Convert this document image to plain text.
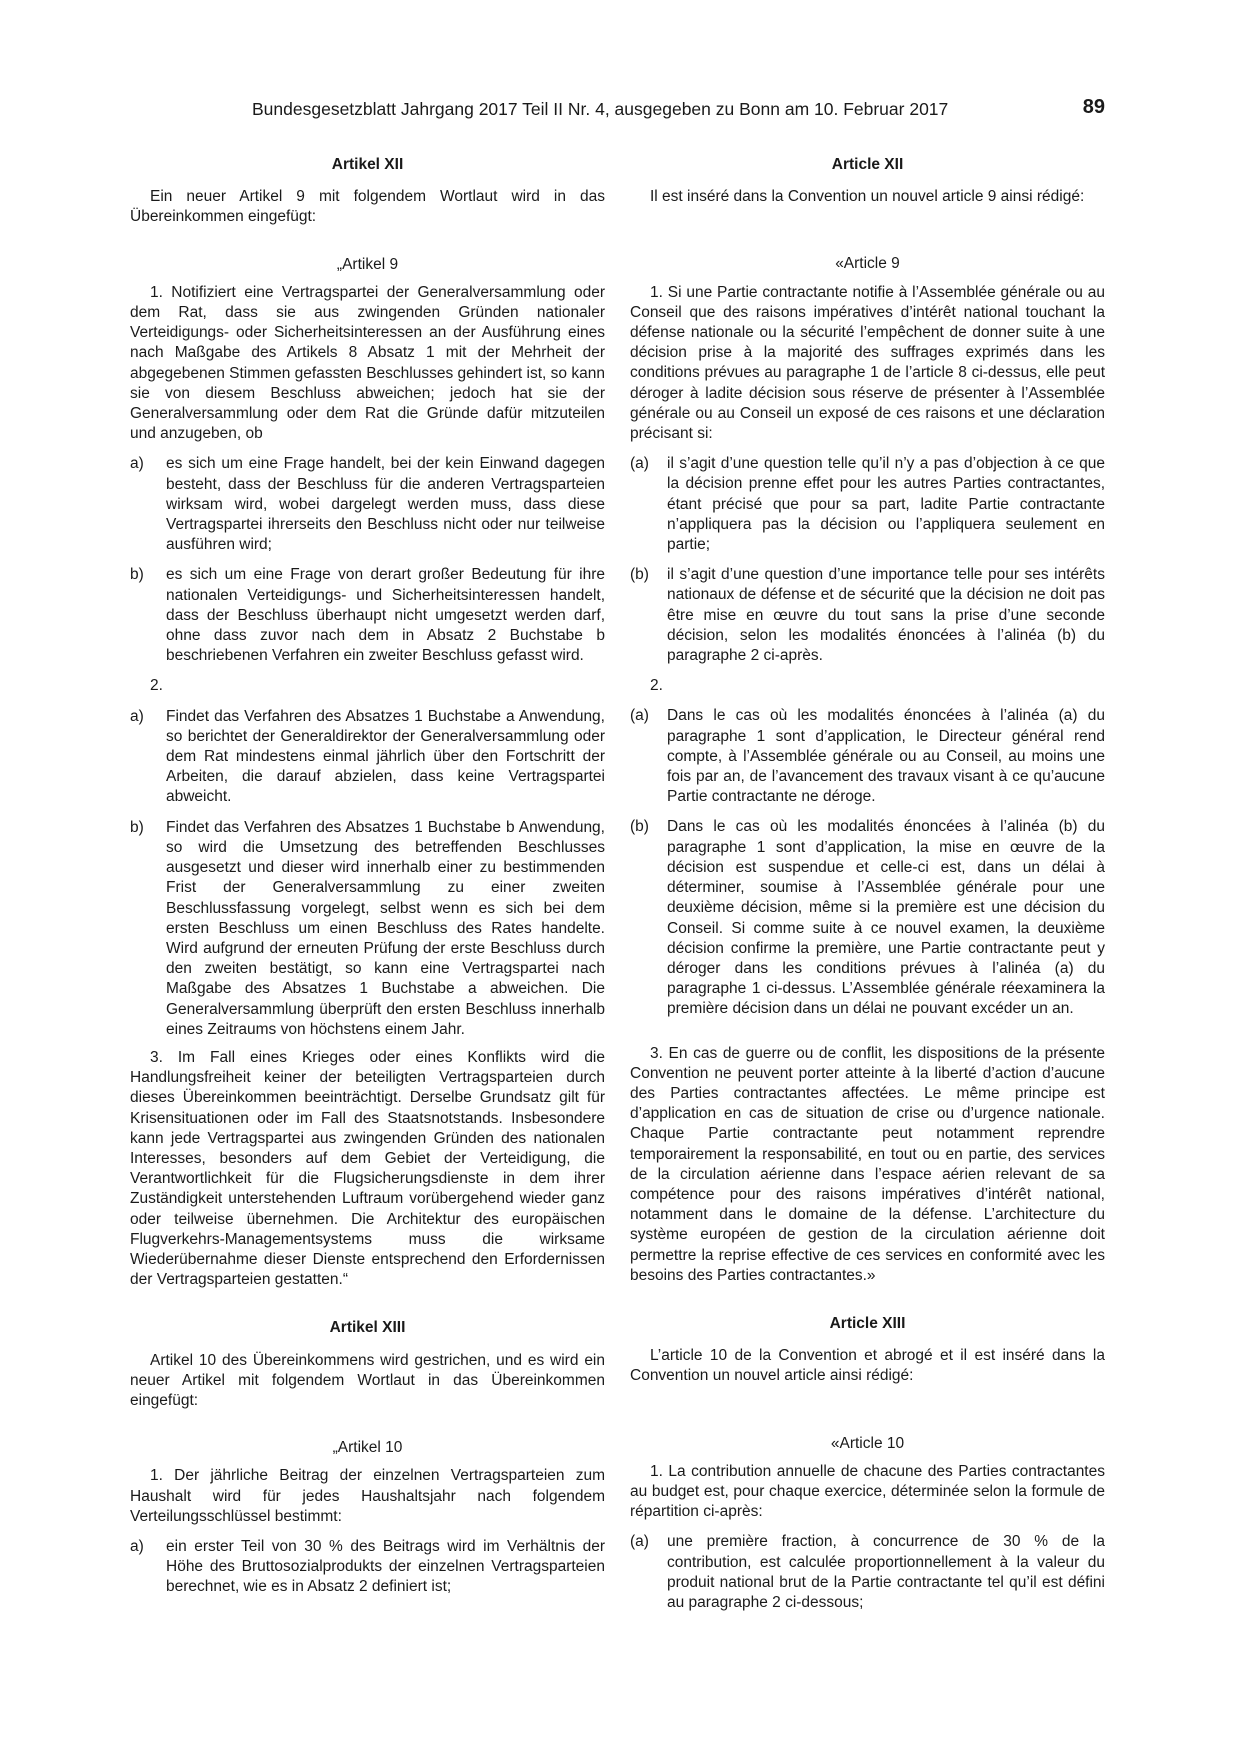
Bundesgesetzblatt Jahrgang 2017 Teil II Nr. 4, ausgegeben zu Bonn am 10. Februar 2017	89

Artikel XII

Ein neuer Artikel 9 mit folgendem Wortlaut wird in das Übereinkommen eingefügt:

„Artikel 9

1. Notifiziert eine Vertragspartei der Generalversammlung oder dem Rat, dass sie aus zwingenden Gründen nationaler Verteidigungs- oder Sicherheitsinteressen an der Ausführung eines nach Maßgabe des Artikels 8 Absatz 1 mit der Mehrheit der abgegebenen Stimmen gefassten Beschlusses gehindert ist, so kann sie von diesem Beschluss abweichen; jedoch hat sie der Generalversammlung oder dem Rat die Gründe dafür mitzuteilen und anzugeben, ob

a)	es sich um eine Frage handelt, bei der kein Einwand dagegen besteht, dass der Beschluss für die anderen Vertragsparteien wirksam wird, wobei dargelegt werden muss, dass diese Vertragspartei ihrerseits den Beschluss nicht oder nur teilweise ausführen wird;
b)	es sich um eine Frage von derart großer Bedeutung für ihre nationalen Verteidigungs- und Sicherheitsinteressen handelt, dass der Beschluss überhaupt nicht umgesetzt werden darf, ohne dass zuvor nach dem in Absatz 2 Buchstabe b beschriebenen Verfahren ein zweiter Beschluss gefasst wird.

2.

a)	Findet das Verfahren des Absatzes 1 Buchstabe a Anwendung, so berichtet der Generaldirektor der Generalversammlung oder dem Rat mindestens einmal jährlich über den Fortschritt der Arbeiten, die darauf abzielen, dass keine Vertragspartei abweicht.
b)	Findet das Verfahren des Absatzes 1 Buchstabe b Anwendung, so wird die Umsetzung des betreffenden Beschlusses ausgesetzt und dieser wird innerhalb einer zu bestimmenden Frist der Generalversammlung zu einer zweiten Beschlussfassung vorgelegt, selbst wenn es sich bei dem ersten Beschluss um einen Beschluss des Rates handelte. Wird aufgrund der erneuten Prüfung der erste Beschluss durch den zweiten bestätigt, so kann eine Vertragspartei nach Maßgabe des Absatzes 1 Buchstabe a abweichen. Die Generalversammlung überprüft den ersten Beschluss innerhalb eines Zeitraums von höchstens einem Jahr.

3. Im Fall eines Krieges oder eines Konflikts wird die Handlungsfreiheit keiner der beteiligten Vertragsparteien durch dieses Übereinkommen beeinträchtigt. Derselbe Grundsatz gilt für Krisensituationen oder im Fall des Staatsnotstands. Insbesondere kann jede Vertragspartei aus zwingenden Gründen des nationalen Interesses, besonders auf dem Gebiet der Verteidigung, die Verantwortlichkeit für die Flugsicherungsdienste in dem ihrer Zuständigkeit unterstehenden Luftraum vorübergehend wieder ganz oder teilweise übernehmen. Die Architektur des europäischen Flugverkehrs-Managementsystems muss die wirksame Wiederübernahme dieser Dienste entsprechend den Erfordernissen der Vertragsparteien gestatten.“

Artikel XIII

Artikel 10 des Übereinkommens wird gestrichen, und es wird ein neuer Artikel mit folgendem Wortlaut in das Übereinkommen eingefügt:

„Artikel 10

1. Der jährliche Beitrag der einzelnen Vertragsparteien zum Haushalt wird für jedes Haushaltsjahr nach folgendem Verteilungsschlüssel bestimmt:

a)	ein erster Teil von 30 % des Beitrags wird im Verhältnis der Höhe des Bruttosozialprodukts der einzelnen Vertragsparteien berechnet, wie es in Absatz 2 definiert ist;

Article XII

Il est inséré dans la Convention un nouvel article 9 ainsi rédigé:

«Article 9

1. Si une Partie contractante notifie à l’Assemblée générale ou au Conseil que des raisons impératives d’intérêt national touchant la défense nationale ou la sécurité l’empêchent de donner suite à une décision prise à la majorité des suffrages exprimés dans les conditions prévues au paragraphe 1 de l’article 8 ci-dessus, elle peut déroger à ladite décision sous réserve de présenter à l’Assemblée générale ou au Conseil un exposé de ces raisons et une déclaration précisant si:

(a)	il s’agit d’une question telle qu’il n’y a pas d’objection à ce que la décision prenne effet pour les autres Parties contractantes, étant précisé que pour sa part, ladite Partie contractante n’appliquera pas la décision ou l’appliquera seulement en partie;
(b)	il s’agit d’une question d’une importance telle pour ses intérêts nationaux de défense et de sécurité que la décision ne doit pas être mise en œuvre du tout sans la prise d’une seconde décision, selon les modalités énoncées à l’alinéa (b) du paragraphe 2 ci-après.

2.

(a)	Dans le cas où les modalités énoncées à l’alinéa (a) du paragraphe 1 sont d’application, le Directeur général rend compte, à l’Assemblée générale ou au Conseil, au moins une fois par an, de l’avancement des travaux visant à ce qu’aucune Partie contractante ne déroge.
(b)	Dans le cas où les modalités énoncées à l’alinéa (b) du paragraphe 1 sont d’application, la mise en œuvre de la décision est suspendue et celle-ci est, dans un délai à déterminer, soumise à l’Assemblée générale pour une deuxième décision, même si la première est une décision du Conseil. Si comme suite à ce nouvel examen, la deuxième décision confirme la première, une Partie contractante peut y déroger dans les conditions prévues à l’alinéa (a) du paragraphe 1 ci-dessus. L’Assemblée générale réexaminera la première décision dans un délai ne pouvant excéder un an.

3. En cas de guerre ou de conflit, les dispositions de la présente Convention ne peuvent porter atteinte à la liberté d’action d’aucune des Parties contractantes affectées. Le même principe est d’application en cas de situation de crise ou d’urgence nationale. Chaque Partie contractante peut notamment reprendre temporairement la responsabilité, en tout ou en partie, des services de la circulation aérienne dans l’espace aérien relevant de sa compétence pour des raisons impératives d’intérêt national, notamment dans le domaine de la défense. L’architecture du système européen de gestion de la circulation aérienne doit permettre la reprise effective de ces services en conformité avec les besoins des Parties contractantes.»

Article XIII

L’article 10 de la Convention et abrogé et il est inséré dans la Convention un nouvel article ainsi rédigé:

«Article 10

1. La contribution annuelle de chacune des Parties contractantes au budget est, pour chaque exercice, déterminée selon la formule de répartition ci-après:

(a)	une première fraction, à concurrence de 30 % de la contribution, est calculée proportionnellement à la valeur du produit national brut de la Partie contractante tel qu’il est défini au paragraphe 2 ci-dessous;
